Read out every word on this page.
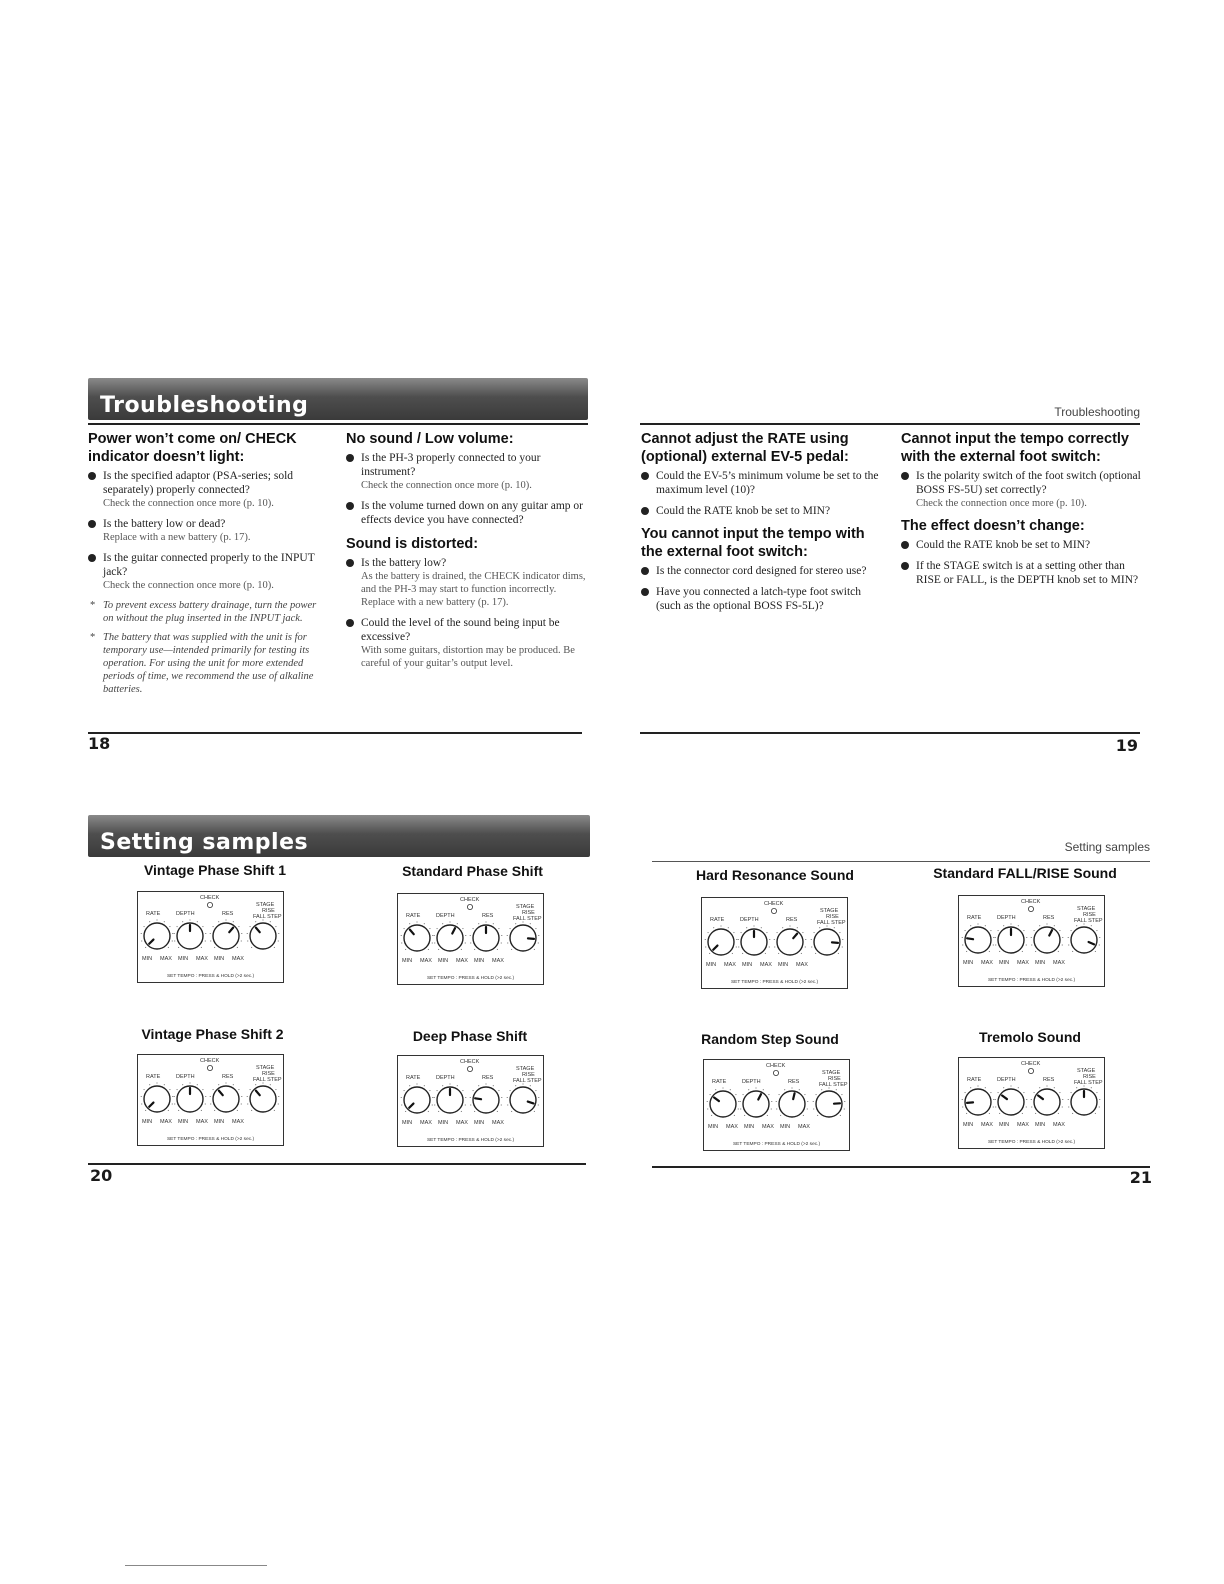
Troubleshooting	Troubleshooting
Power won’t come on/ CHECK indicator doesn’t light:
Is the specified adaptor (PSA-series; sold separately) properly connected?
Check the connection once more (p. 10).
Is the battery low or dead?
Replace with a new battery (p. 17).
Is the guitar connected properly to the INPUT jack?
Check the connection once more (p. 10).
* To prevent excess battery drainage, turn the power on without the plug inserted in the INPUT jack.
* The battery that was supplied with the unit is for temporary use—intended primarily for testing its operation. For using the unit for more extended periods of time, we recommend the use of alkaline batteries.
No sound / Low volume:
Is the PH-3 properly connected to your instrument?
Check the connection once more (p. 10).
Is the volume turned down on any guitar amp or effects device you have connected?
Sound is distorted:
Is the battery low?
As the battery is drained, the CHECK indicator dims, and the PH-3 may start to function incorrectly. Replace with a new battery (p. 17).
Could the level of the sound being input be excessive?
With some guitars, distortion may be produced. Be careful of your guitar’s output level.
Cannot adjust the RATE using (optional) external EV-5 pedal:
Could the EV-5’s minimum volume be set to the maximum level (10)?
Could the RATE knob be set to MIN?
You cannot input the tempo with the external foot switch:
Is the connector cord designed for stereo use?
Have you connected a latch-type foot switch (such as the optional BOSS FS-5L)?
Cannot input the tempo correctly with the external foot switch:
Is the polarity switch of the foot switch (optional BOSS FS-5U) set correctly?
Check the connection once more (p. 10).
The effect doesn’t change:
Could the RATE knob be set to MIN?
If the STAGE switch is at a setting other than RISE or FALL, is the DEPTH knob set to MIN?
18	19
Setting samples	Setting samples
Vintage Phase Shift 1
CHECK
STAGE
RATE	DEPTH	RES	RISE
FALL STEP
MIN MAX MIN MAX MIN MAX
SET TEMPO : PRESS & HOLD (>2 sec.)
Standard Phase Shift
CHECK
STAGE
RATE	DEPTH	RES	RISE
FALL STEP
MIN MAX MIN MAX MIN MAX
SET TEMPO : PRESS & HOLD (>2 sec.)
Hard Resonance Sound
CHECK
STAGE
RATE	DEPTH	RES	RISE
FALL STEP
MIN MAX MIN MAX MIN MAX
SET TEMPO : PRESS & HOLD (>2 sec.)
Standard FALL/RISE Sound
CHECK
STAGE
RATE	DEPTH	RES	RISE
FALL STEP
MIN MAX MIN MAX MIN MAX
SET TEMPO : PRESS & HOLD (>2 sec.)
Vintage Phase Shift 2
CHECK
STAGE
RATE	DEPTH	RES	RISE
FALL STEP
MIN MAX MIN MAX MIN MAX
SET TEMPO : PRESS & HOLD (>2 sec.)
Deep Phase Shift
CHECK
STAGE
RATE	DEPTH	RES	RISE
FALL STEP
MIN MAX MIN MAX MIN MAX
SET TEMPO : PRESS & HOLD (>2 sec.)
Random Step Sound
CHECK
STAGE
RATE	DEPTH	RES	RISE
FALL STEP
MIN MAX MIN MAX MIN MAX
SET TEMPO : PRESS & HOLD (>2 sec.)
Tremolo Sound
CHECK
STAGE
RATE	DEPTH	RES	RISE
FALL STEP
MIN MAX MIN MAX MIN MAX
SET TEMPO : PRESS & HOLD (>2 sec.)
20	21
